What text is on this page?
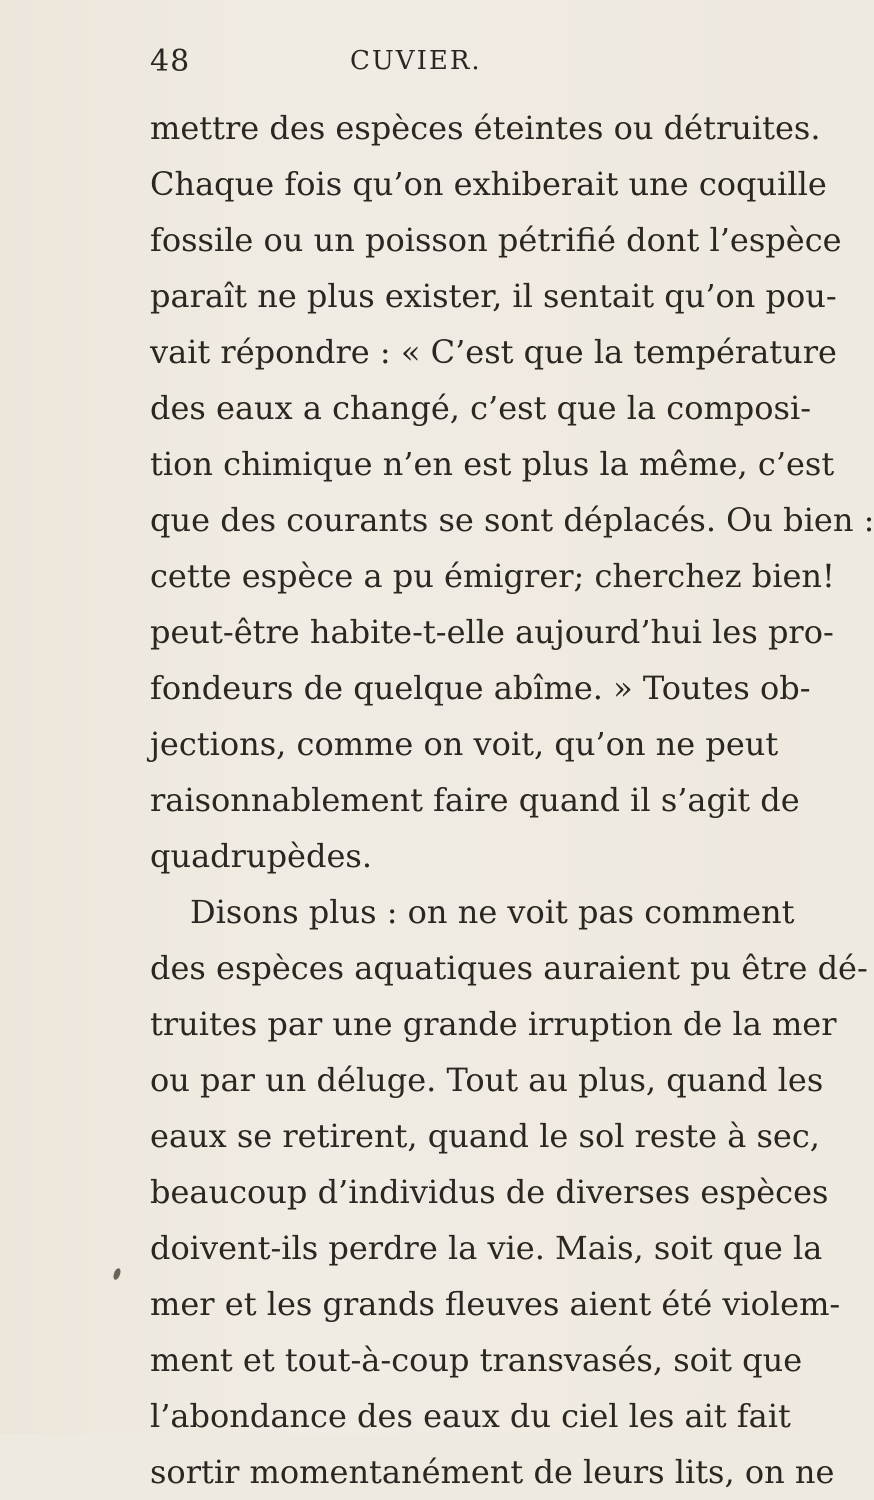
48	CUVIER.
mettre des espèces éteintes ou détruites.
Chaque fois qu’on exhiberait une coquille
fossile ou un poisson pétrifié dont l’espèce
paraît ne plus exister, il sentait qu’on pou-
vait répondre : « C’est que la température
des eaux a changé, c’est que la composi-
tion chimique n’en est plus la même, c’est
que des courants se sont déplacés. Ou bien :
cette espèce a pu émigrer; cherchez bien!
peut-être habite-t-elle aujourd’hui les pro-
fondeurs de quelque abîme. » Toutes ob-
jections, comme on voit, qu’on ne peut
raisonnablement faire quand il s’agit de
quadrupèdes.
Disons plus : on ne voit pas comment
des espèces aquatiques auraient pu être dé-
truites par une grande irruption de la mer
ou par un déluge. Tout au plus, quand les
eaux se retirent, quand le sol reste à sec,
beaucoup d’individus de diverses espèces
doivent-ils perdre la vie. Mais, soit que la
mer et les grands fleuves aient été violem-
ment et tout-à-coup transvasés, soit que
l’abondance des eaux du ciel les ait fait
sortir momentanément de leurs lits, on ne
